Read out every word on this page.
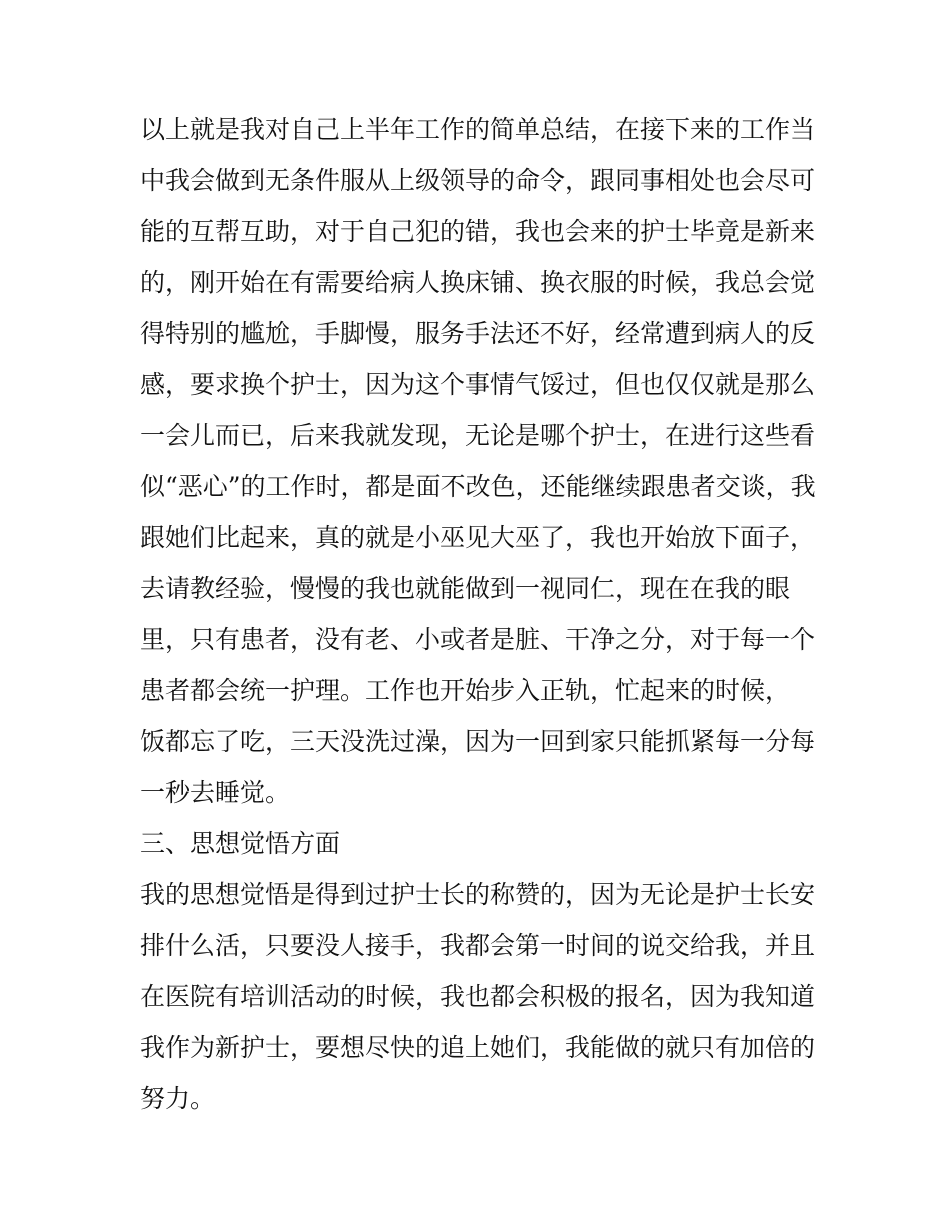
以上就是我对自己上半年工作的简单总结，在接下来的工作当
中我会做到无条件服从上级领导的命令，跟同事相处也会尽可
能的互帮互助，对于自己犯的错，我也会来的护士毕竟是新来
的，刚开始在有需要给病人换床铺、换衣服的时候，我总会觉
得特别的尴尬，手脚慢，服务手法还不好，经常遭到病人的反
感，要求换个护士，因为这个事情气馁过，但也仅仅就是那么
一会儿而已，后来我就发现，无论是哪个护士，在进行这些看
似“恶心”的工作时，都是面不改色，还能继续跟患者交谈，我
跟她们比起来，真的就是小巫见大巫了，我也开始放下面子，
去请教经验，慢慢的我也就能做到一视同仁，现在在我的眼
里，只有患者，没有老、小或者是脏、干净之分，对于每一个
患者都会统一护理。工作也开始步入正轨，忙起来的时候，
饭都忘了吃，三天没洗过澡，因为一回到家只能抓紧每一分每
一秒去睡觉。
三、思想觉悟方面
我的思想觉悟是得到过护士长的称赞的，因为无论是护士长安
排什么活，只要没人接手，我都会第一时间的说交给我，并且
在医院有培训活动的时候，我也都会积极的报名，因为我知道
我作为新护士，要想尽快的追上她们，我能做的就只有加倍的
努力。
